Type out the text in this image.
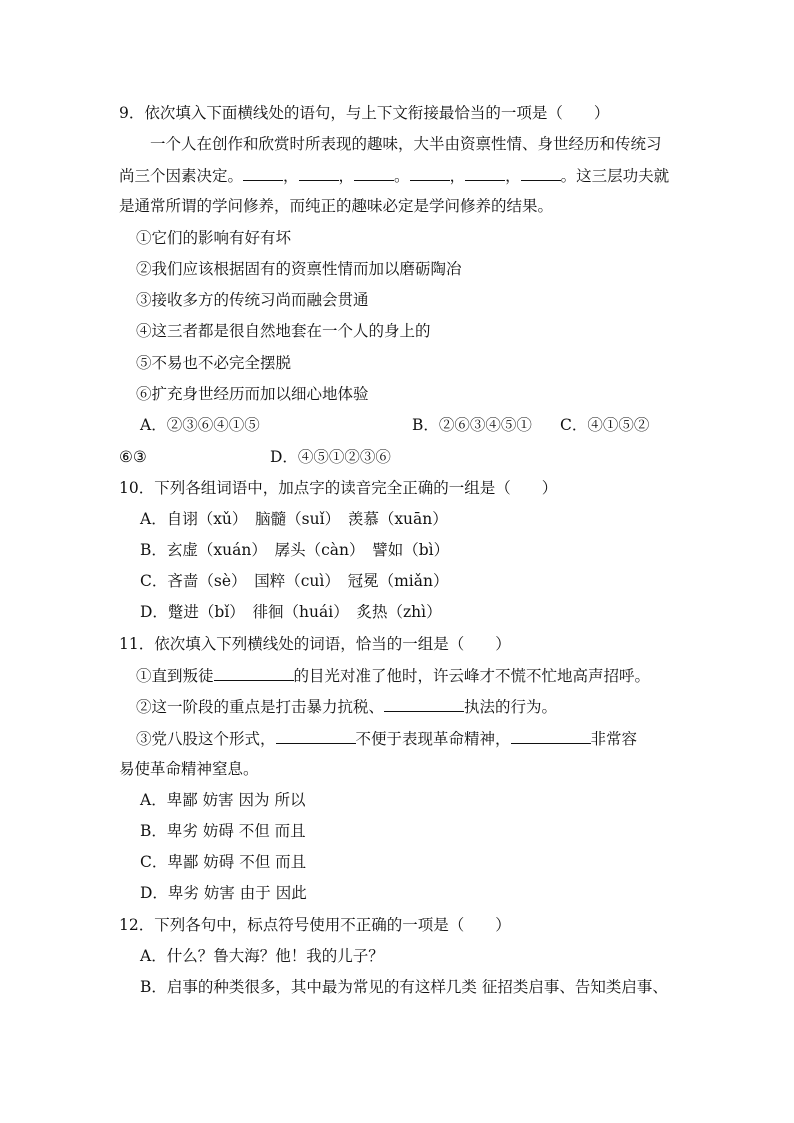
9．依次填入下面横线处的语句，与上下文衔接最恰当的一项是（　　）
一个人在创作和欣赏时所表现的趣味，大半由资禀性情、身世经历和传统习
尚三个因素决定。	，	，	。	，	，	。这三层功夫就
是通常所谓的学问修养，而纯正的趣味必定是学问修养的结果。
①它们的影响有好有坏
②我们应该根据固有的资禀性情而加以磨砺陶冶
③接收多方的传统习尚而融会贯通
④这三者都是很自然地套在一个人的身上的
⑤不易也不必完全摆脱
⑥扩充身世经历而加以细心地体验
A．②③⑥④①⑤	B．②⑥③④⑤① C．④①⑤②
⑥③	D．④⑤①②③⑥
10．下列各组词语中，加点字的读音完全正确的一组是（　　）
A．自诩（xǔ）　脑髓（suǐ）　羡慕（xuān）
B．玄虚（xuán）　孱头（càn）　譬如（bì）
C．吝啬（sè）　国粹（cuì）　冠冕（miǎn）
D．蹩进（bǐ）　徘徊（huái）　炙热（zhì）
11．依次填入下列横线处的词语，恰当的一组是（　　）
①直到叛徒	的目光对准了他时，许云峰才不慌不忙地高声招呼。
②这一阶段的重点是打击暴力抗税、	执法的行为。
③党八股这个形式，	不便于表现革命精神，	非常容
易使革命精神窒息。
A．卑鄙 妨害 因为 所以
B．卑劣 妨碍 不但 而且
C．卑鄙 妨碍 不但 而且
D．卑劣 妨害 由于 因此
12．下列各句中，标点符号使用不正确的一项是（　　）
A．什么？鲁大海？他！我的儿子？
B．启事的种类很多，其中最为常见的有这样几类 征招类启事、告知类启事、
